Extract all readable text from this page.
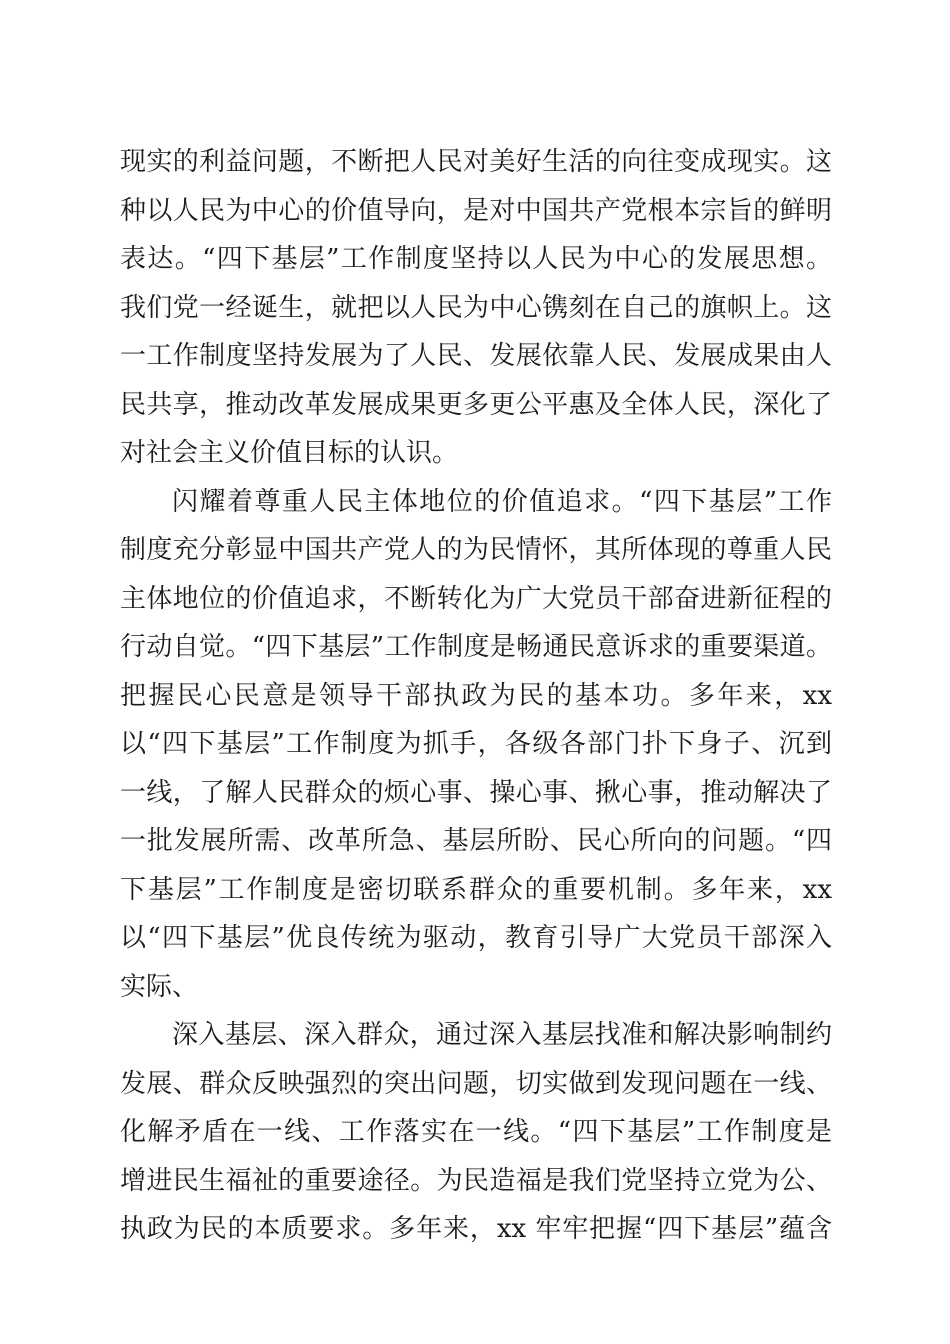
现实的利益问题，不断把人民对美好生活的向往变成现实。这
种以人民为中心的价值导向，是对中国共产党根本宗旨的鲜明
表达。“四下基层”工作制度坚持以人民为中心的发展思想。
我们党一经诞生，就把以人民为中心镌刻在自己的旗帜上。这
一工作制度坚持发展为了人民、发展依靠人民、发展成果由人
民共享，推动改革发展成果更多更公平惠及全体人民，深化了
对社会主义价值目标的认识。
闪耀着尊重人民主体地位的价值追求。“四下基层”工作
制度充分彰显中国共产党人的为民情怀，其所体现的尊重人民
主体地位的价值追求，不断转化为广大党员干部奋进新征程的
行动自觉。“四下基层”工作制度是畅通民意诉求的重要渠道。
把握民心民意是领导干部执政为民的基本功。多年来，xx
以“四下基层”工作制度为抓手，各级各部门扑下身子、沉到
一线，了解人民群众的烦心事、操心事、揪心事，推动解决了
一批发展所需、改革所急、基层所盼、民心所向的问题。“四
下基层”工作制度是密切联系群众的重要机制。多年来，xx
以“四下基层”优良传统为驱动，教育引导广大党员干部深入
实际、
深入基层、深入群众，通过深入基层找准和解决影响制约
发展、群众反映强烈的突出问题，切实做到发现问题在一线、
化解矛盾在一线、工作落实在一线。“四下基层”工作制度是
增进民生福祉的重要途径。为民造福是我们党坚持立党为公、
执政为民的本质要求。多年来，xx 牢牢把握“四下基层”蕴含
